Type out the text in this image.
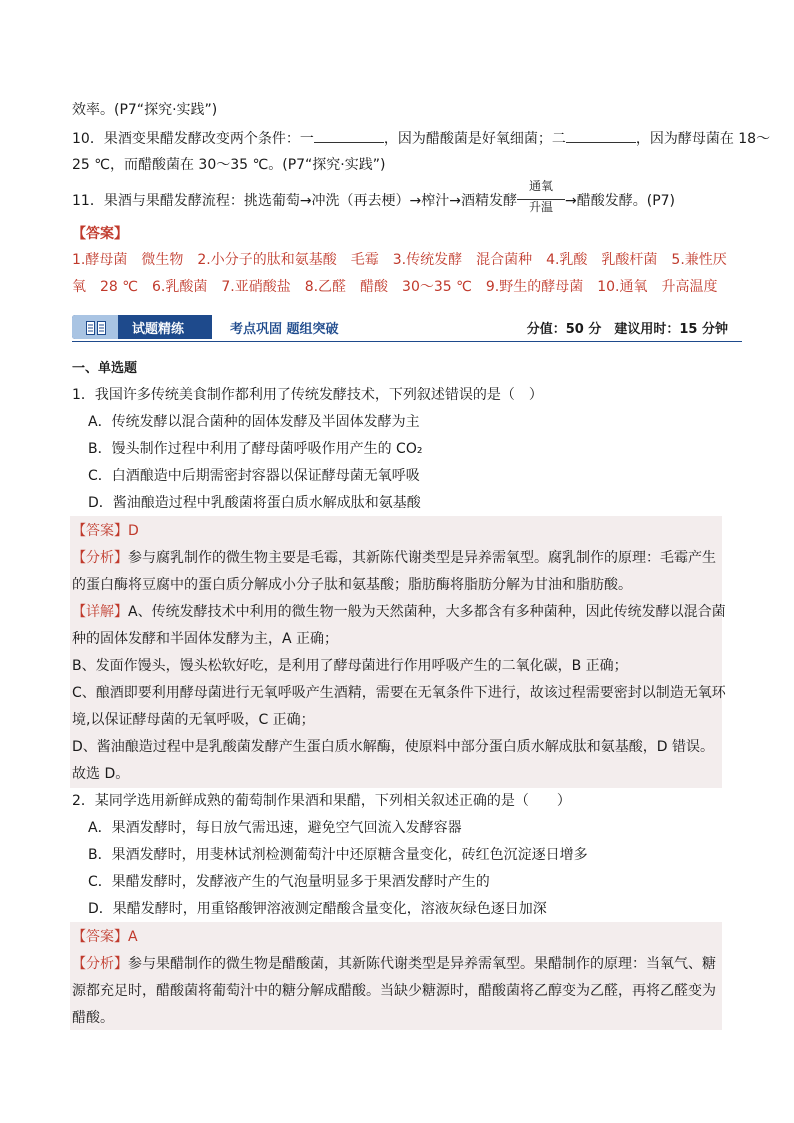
效率。(P7“探究·实践”)
10．果酒变果醋发酵改变两个条件：一	，因为醋酸菌是好氧细菌；二	，因为酵母菌在 18～
25 ℃，而醋酸菌在 30～35 ℃。(P7“探究·实践”)
11．果酒与果醋发酵流程：挑选葡萄→冲洗（再去梗）→榨汁→酒精发酵
通氧
升温 →醋酸发酵。(P7)
【答案】
1.酵母菌　微生物　2.小分子的肽和氨基酸　毛霉　3.传统发酵　混合菌种　4.乳酸　乳酸杆菌　5.兼性厌
氧　28 ℃　6.乳酸菌　7.亚硝酸盐　8.乙醛　醋酸　30～35 ℃　9.野生的酵母菌　10.通氧　升高温度
试题精练	考点巩固 题组突破	分值：50 分　建议用时：15 分钟
一、单选题
1．我国许多传统美食制作都利用了传统发酵技术，下列叙述错误的是（　）
A．传统发酵以混合菌种的固体发酵及半固体发酵为主
B．馒头制作过程中利用了酵母菌呼吸作用产生的 CO₂
C．白酒酿造中后期需密封容器以保证酵母菌无氧呼吸
D．酱油酿造过程中乳酸菌将蛋白质水解成肽和氨基酸
【答案】D
【分析】参与腐乳制作的微生物主要是毛霉，其新陈代谢类型是异养需氧型。腐乳制作的原理：毛霉产生
的蛋白酶将豆腐中的蛋白质分解成小分子肽和氨基酸；脂肪酶将脂肪分解为甘油和脂肪酸。
【详解】A、传统发酵技术中利用的微生物一般为天然菌种，大多都含有多种菌种，因此传统发酵以混合菌
种的固体发酵和半固体发酵为主，A 正确；
B、发面作馒头，馒头松软好吃，是利用了酵母菌进行作用呼吸产生的二氧化碳，B 正确；
C、酿酒即要利用酵母菌进行无氧呼吸产生酒精，需要在无氧条件下进行，故该过程需要密封以制造无氧环
境,以保证酵母菌的无氧呼吸，C 正确；
D、酱油酿造过程中是乳酸菌发酵产生蛋白质水解酶，使原料中部分蛋白质水解成肽和氨基酸，D 错误。
故选 D。
2．某同学选用新鲜成熟的葡萄制作果酒和果醋，下列相关叙述正确的是（　　）
A．果酒发酵时，每日放气需迅速，避免空气回流入发酵容器
B．果酒发酵时，用斐林试剂检测葡萄汁中还原糖含量变化，砖红色沉淀逐日增多
C．果醋发酵时，发酵液产生的气泡量明显多于果酒发酵时产生的
D．果醋发酵时，用重铬酸钾溶液测定醋酸含量变化，溶液灰绿色逐日加深
【答案】A
【分析】参与果醋制作的微生物是醋酸菌，其新陈代谢类型是异养需氧型。果醋制作的原理：当氧气、糖
源都充足时，醋酸菌将葡萄汁中的糖分解成醋酸。当缺少糖源时，醋酸菌将乙醇变为乙醛，再将乙醛变为
醋酸。
